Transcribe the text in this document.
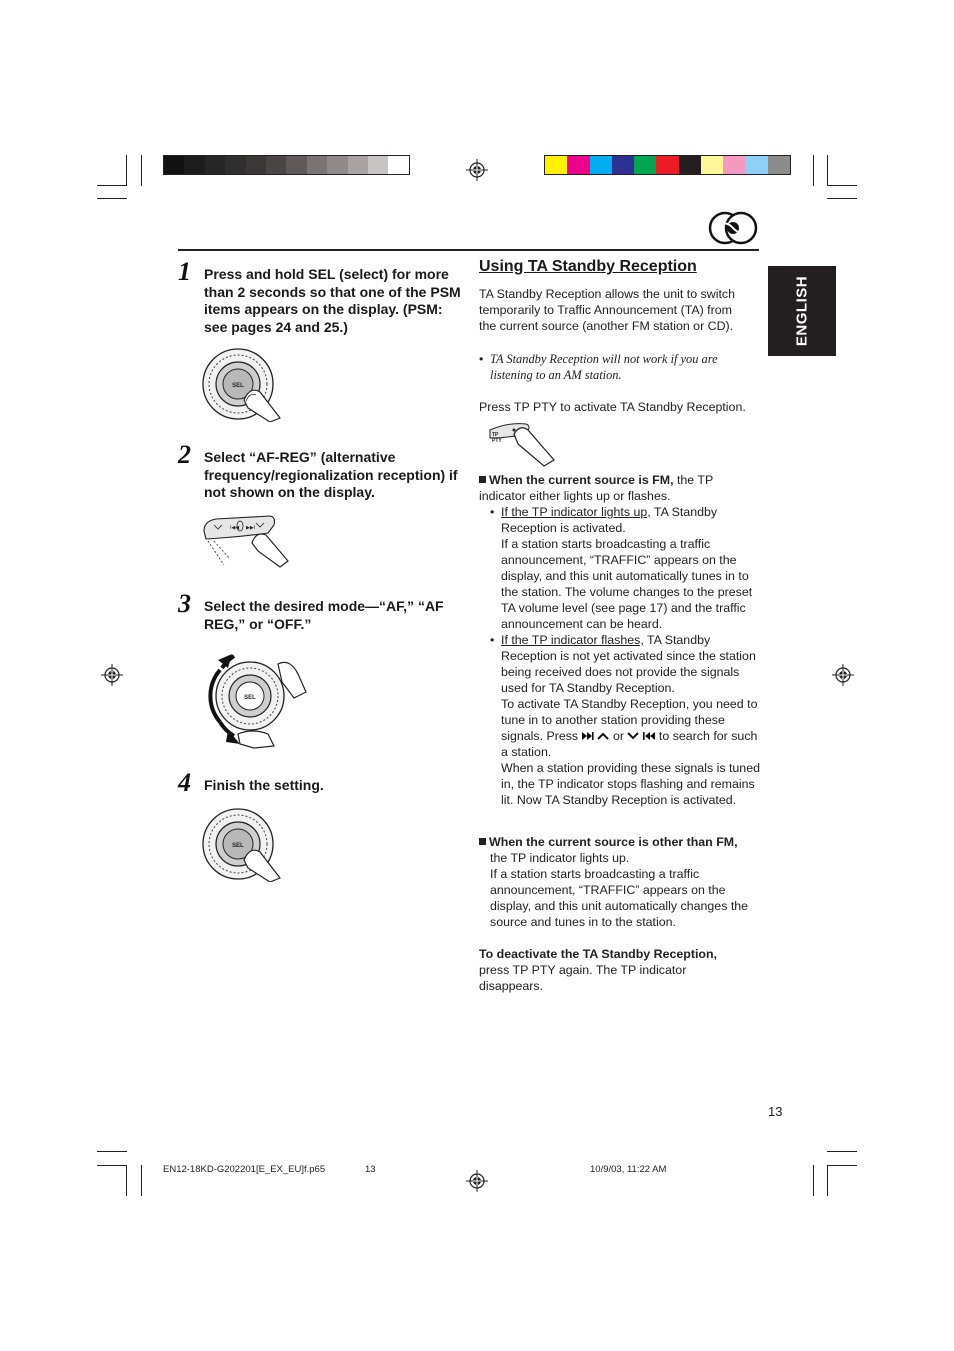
ENGLISH
1 Press and hold SEL (select) for more than 2 seconds so that one of the PSM items appears on the display. (PSM: see pages 24 and 25.)
SEL
2 Select “AF-REG” (alternative frequency/regionalization reception) if not shown on the display.
I◀◀ ▶▶I
3 Select the desired mode—“AF,” “AF REG,” or “OFF.”
SEL
4 Finish the setting.
SEL
Using TA Standby Reception
TA Standby Reception allows the unit to switch temporarily to Traffic Announcement (TA) from the current source (another FM station or CD).
• TA Standby Reception will not work if you are listening to an AM station.
Press TP PTY to activate TA Standby Reception.
TP
PTY
When the current source is FM, the TP indicator either lights up or flashes.
• If the TP indicator lights up, TA Standby Reception is activated.
If a station starts broadcasting a traffic announcement, “TRAFFIC” appears on the display, and this unit automatically tunes in to the station. The volume changes to the preset TA volume level (see page 17) and the traffic announcement can be heard.
• If the TP indicator flashes, TA Standby Reception is not yet activated since the station being received does not provide the signals used for TA Standby Reception.
To activate TA Standby Reception, you need to tune in to another station providing these signals. Press  or  to search for such a station.
When a station providing these signals is tuned in, the TP indicator stops flashing and remains lit. Now TA Standby Reception is activated.
When the current source is other than FM,
the TP indicator lights up.
If a station starts broadcasting a traffic announcement, “TRAFFIC” appears on the display, and this unit automatically changes the source and tunes in to the station.
To deactivate the TA Standby Reception,
press TP PTY again. The TP indicator disappears.
13
EN12-18KD-G202201[E_EX_EU]f.p65	13	10/9/03, 11:22 AM
